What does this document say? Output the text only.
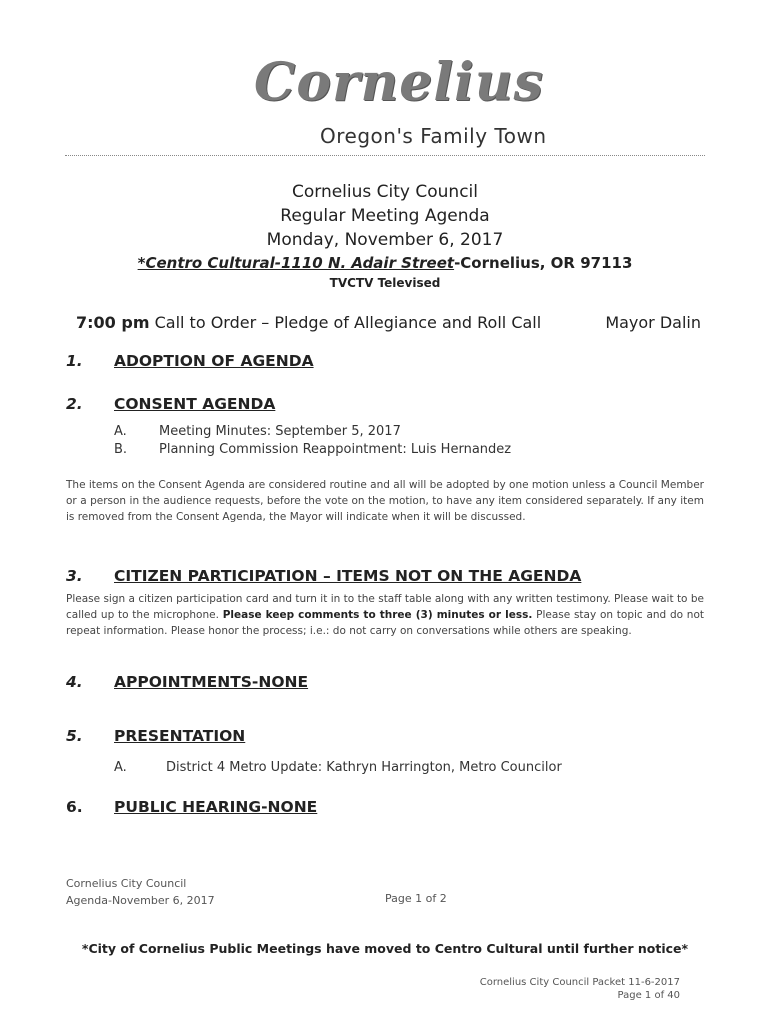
Cornelius
Oregon's Family Town
Cornelius City Council
Regular Meeting Agenda
Monday, November 6, 2017
*Centro Cultural-1110 N. Adair Street-Cornelius, OR 97113
TVCTV Televised
7:00 pm Call to Order – Pledge of Allegiance and Roll Call	Mayor Dalin
1. ADOPTION OF AGENDA
2. CONSENT AGENDA
A. Meeting Minutes: September 5, 2017
B. Planning Commission Reappointment: Luis Hernandez
The items on the Consent Agenda are considered routine and all will be adopted by one motion unless a Council Member or a person in the audience requests, before the vote on the motion, to have any item considered separately. If any item is removed from the Consent Agenda, the Mayor will indicate when it will be discussed.
3. CITIZEN PARTICIPATION – ITEMS NOT ON THE AGENDA
Please sign a citizen participation card and turn it in to the staff table along with any written testimony. Please wait to be called up to the microphone. Please keep comments to three (3) minutes or less. Please stay on topic and do not repeat information. Please honor the process; i.e.: do not carry on conversations while others are speaking.
4. APPOINTMENTS-NONE
5. PRESENTATION
A.	District 4 Metro Update: Kathryn Harrington, Metro Councilor
6. PUBLIC HEARING-NONE
Cornelius City Council
Agenda-November 6, 2017	Page 1 of 2
*City of Cornelius Public Meetings have moved to Centro Cultural until further notice*
Cornelius City Council Packet 11-6-2017
Page 1 of 40
